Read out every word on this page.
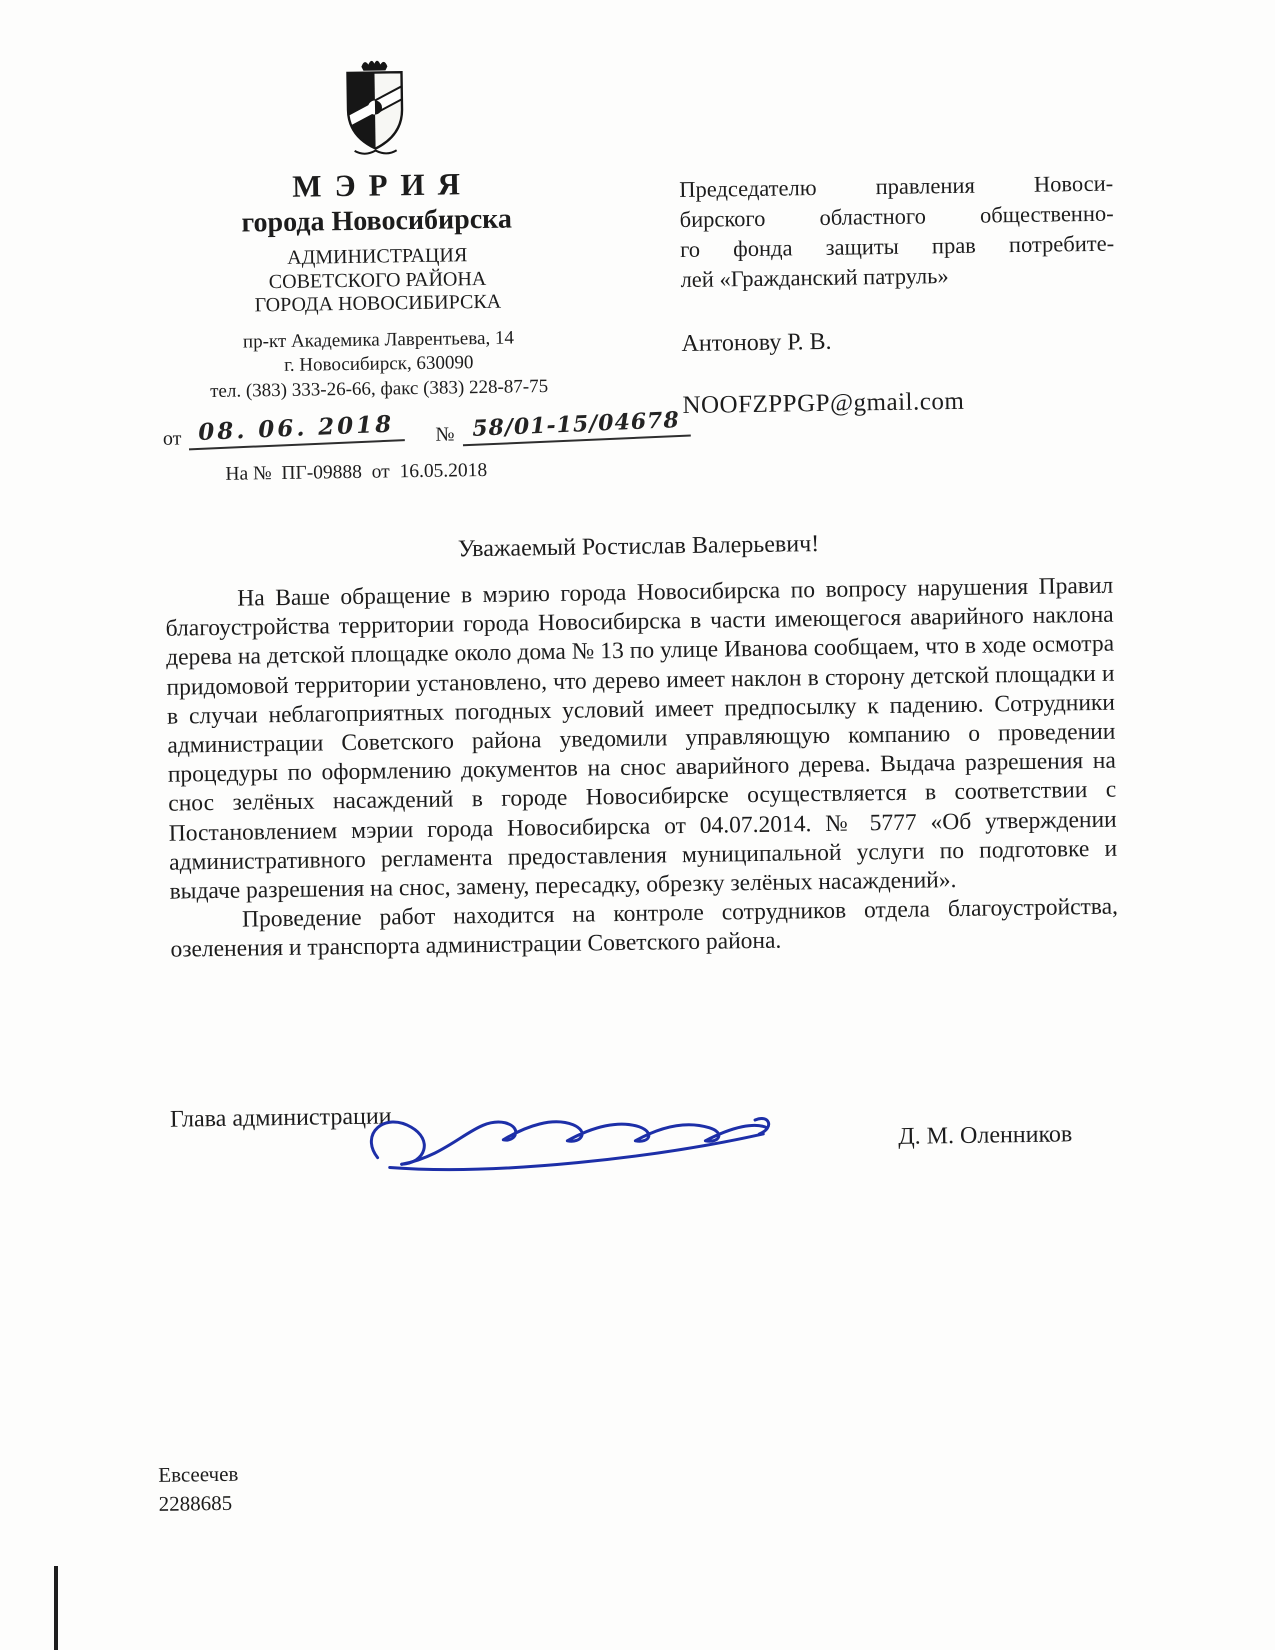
МЭРИЯ
города Новосибирска
АДМИНИСТРАЦИЯ
СОВЕТСКОГО РАЙОНА
ГОРОДА НОВОСИБИРСКА
пр-кт Академика Лаврентьева, 14
г. Новосибирск, 630090
тел. (383) 333-26-66, факс (383) 228-87-75
от 08. 06. 2018	№ 58/01-15/04678
На №  ПГ-09888  от  16.05.2018
Председателю правления Новоси-
бирского областного общественно-
го фонда защиты прав потребите-
лей «Гражданский патруль»
Антонову Р. В.
NOOFZPPGP@gmail.com
Уважаемый Ростислав Валерьевич!

На Ваше обращение в мэрию города Новосибирска по вопросу нарушения Правил благоустройства территории города Новосибирска в части имеющегося аварийного наклона дерева на детской площадке около дома № 13 по улице Иванова сообщаем, что в ходе осмотра придомовой территории установлено, что дерево имеет наклон в сторону детской площадки и в случаи неблагоприятных погодных условий имеет предпосылку к падению. Сотрудники администрации Советского района уведомили управляющую компанию о проведении процедуры по оформлению документов на снос аварийного дерева. Выдача разрешения на снос зелёных насаждений в городе Новосибирске осуществляется в соответствии с Постановлением мэрии города Новосибирска от 04.07.2014. № 5777 «Об утверждении административного регламента предоставления муниципальной услуги по подготовке и выдаче разрешения на снос, замену, пересадку, обрезку зелёных насаждений».

Проведение работ находится на контроле сотрудников отдела благоустройства, озеленения и транспорта администрации Советского района.

Глава администрации
Д. М. Оленников
Евсеечев
2288685
